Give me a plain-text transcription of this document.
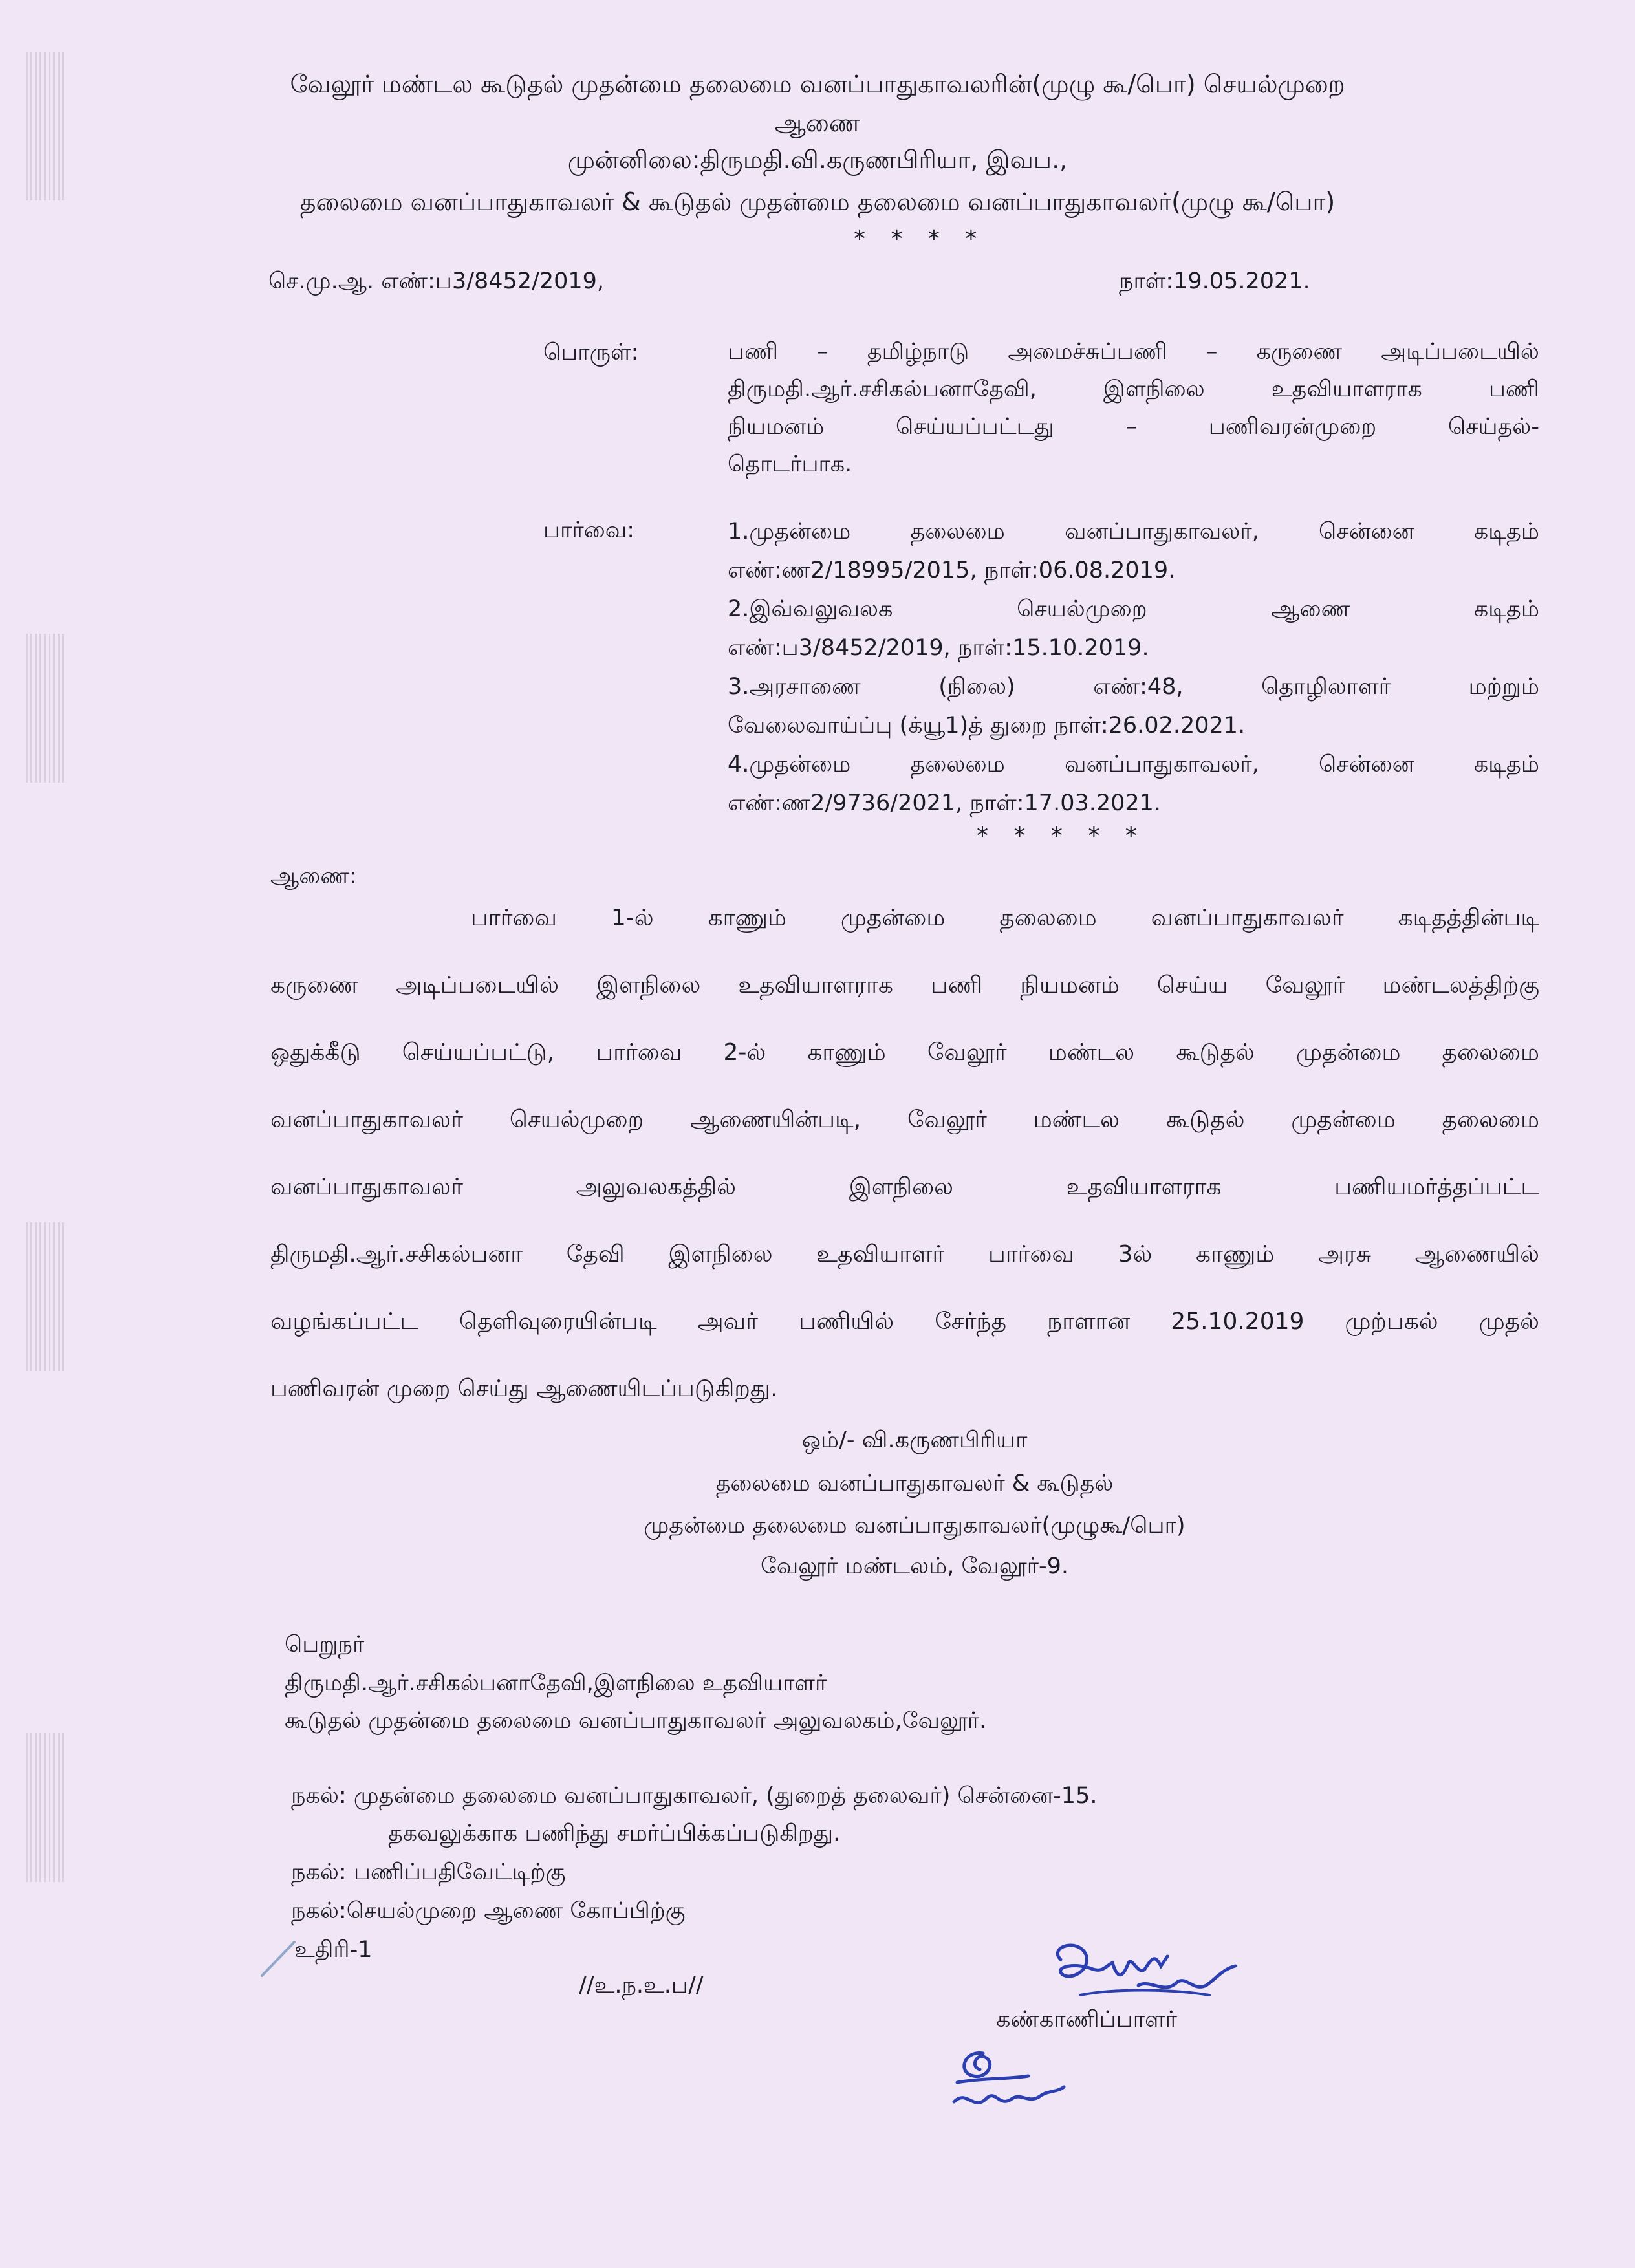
வேலூர் மண்டல கூடுதல் முதன்மை தலைமை வனப்பாதுகாவலரின்(முழு கூ/பொ) செயல்முறை
ஆணை
முன்னிலை:திருமதி.வி.கருணபிரியா, இவப.,
தலைமை வனப்பாதுகாவலர் & கூடுதல் முதன்மை தலைமை வனப்பாதுகாவலர்(முழு கூ/பொ)
* * * *
செ.மு.ஆ. எண்:ப3/8452/2019,	நாள்:19.05.2021.
பொருள்:	பணி – தமிழ்நாடு அமைச்சுப்பணி – கருணை அடிப்படையில்

திருமதி.ஆர்.சசிகல்பனாதேவி, இளநிலை உதவியாளராக பணி

நியமனம் செய்யப்பட்டது – பணிவரன்முறை செய்தல்-

தொடர்பாக.

பார்வை:	1.முதன்மை தலைமை வனப்பாதுகாவலர், சென்னை கடிதம்

எண்:ண2/18995/2015, நாள்:06.08.2019.

2.இவ்வலுவலக செயல்முறை ஆணை கடிதம்

எண்:ப3/8452/2019, நாள்:15.10.2019.

3.அரசாணை (நிலை) எண்:48, தொழிலாளர் மற்றும்

வேலைவாய்ப்பு (க்யூ1)த் துறை நாள்:26.02.2021.

4.முதன்மை தலைமை வனப்பாதுகாவலர், சென்னை கடிதம்

எண்:ண2/9736/2021, நாள்:17.03.2021.

* * * * *
ஆணை:
பார்வை 1-ல் காணும் முதன்மை தலைமை வனப்பாதுகாவலர் கடிதத்தின்படி
கருணை அடிப்படையில் இளநிலை உதவியாளராக பணி நியமனம் செய்ய வேலூர் மண்டலத்திற்கு
ஒதுக்கீடு செய்யப்பட்டு, பார்வை 2-ல் காணும் வேலூர் மண்டல கூடுதல் முதன்மை தலைமை
வனப்பாதுகாவலர் செயல்முறை ஆணையின்படி, வேலூர் மண்டல கூடுதல் முதன்மை தலைமை
வனப்பாதுகாவலர் அலுவலகத்தில் இளநிலை உதவியாளராக பணியமர்த்தப்பட்ட
திருமதி.ஆர்.சசிகல்பனா தேவி இளநிலை உதவியாளர் பார்வை 3ல் காணும் அரசு ஆணையில்
வழங்கப்பட்ட தெளிவுரையின்படி அவர் பணியில் சேர்ந்த நாளான 25.10.2019 முற்பகல் முதல்
பணிவரன் முறை செய்து ஆணையிடப்படுகிறது.
ஒம்/- வி.கருணபிரியா
தலைமை வனப்பாதுகாவலர் & கூடுதல்
முதன்மை தலைமை வனப்பாதுகாவலர்(முழுகூ/பொ)
வேலூர் மண்டலம், வேலூர்-9.
பெறுநர்
திருமதி.ஆர்.சசிகல்பனாதேவி,இளநிலை உதவியாளர்
கூடுதல் முதன்மை தலைமை வனப்பாதுகாவலர் அலுவலகம்,வேலூர்.
நகல்: முதன்மை தலைமை வனப்பாதுகாவலர், (துறைத் தலைவர்) சென்னை-15.
தகவலுக்காக பணிந்து சமர்ப்பிக்கப்படுகிறது.
நகல்: பணிப்பதிவேட்டிற்கு
நகல்:செயல்முறை ஆணை கோப்பிற்கு
உதிரி-1
//உ.ந.உ.ப//
கண்காணிப்பாளர்
